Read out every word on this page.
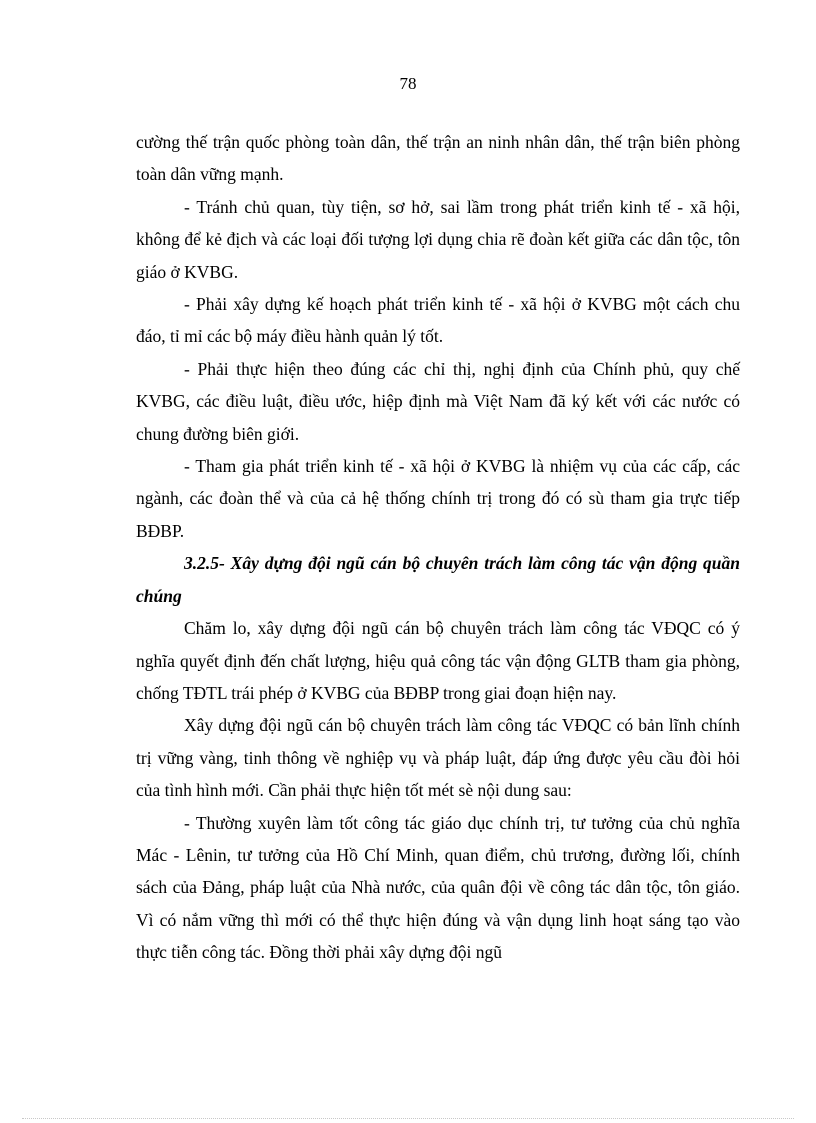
78

cường thế trận quốc phòng toàn dân, thế trận an ninh nhân dân, thế trận biên phòng toàn dân vững mạnh.

- Tránh chủ quan, tùy tiện, sơ hở, sai lầm trong phát triển kinh tế - xã hội, không để kẻ địch và các loại đối tượng lợi dụng chia rẽ đoàn kết giữa các dân tộc, tôn giáo ở KVBG.

- Phải xây dựng kế hoạch phát triển kinh tế - xã hội ở KVBG một cách chu đáo, tỉ mỉ các bộ máy điều hành quản lý tốt.

- Phải thực hiện theo đúng các chỉ thị, nghị định của Chính phủ, quy chế KVBG, các điều luật, điều ước, hiệp định mà Việt Nam đã ký kết với các nước có chung đường biên giới.

- Tham gia phát triển kinh tế - xã hội ở KVBG là nhiệm vụ của các cấp, các ngành, các đoàn thể và của cả hệ thống chính trị trong đó có sù tham gia trực tiếp BĐBP.

3.2.5- Xây dựng đội ngũ cán bộ chuyên trách làm công tác vận động quần chúng

Chăm lo, xây dựng đội ngũ cán bộ chuyên trách làm công tác VĐQC có ý nghĩa quyết định đến chất lượng, hiệu quả công tác vận động GLTB tham gia phòng, chống TĐTL trái phép ở KVBG của BĐBP trong giai đoạn hiện nay.

Xây dựng đội ngũ cán bộ chuyên trách làm công tác VĐQC có bản lĩnh chính trị vững vàng, tinh thông về nghiệp vụ và pháp luật, đáp ứng được yêu cầu đòi hỏi của tình hình mới. Cần phải thực hiện tốt mét sè nội dung sau:

- Thường xuyên làm tốt công tác giáo dục chính trị, tư tưởng của chủ nghĩa Mác - Lênin, tư tưởng của Hồ Chí Minh, quan điểm, chủ trương, đường lối, chính sách của Đảng, pháp luật của Nhà nước, của quân đội về công tác dân tộc, tôn giáo. Vì có nắm vững thì mới có thể thực hiện đúng và vận dụng linh hoạt sáng tạo vào thực tiễn công tác. Đồng thời phải xây dựng đội ngũ
